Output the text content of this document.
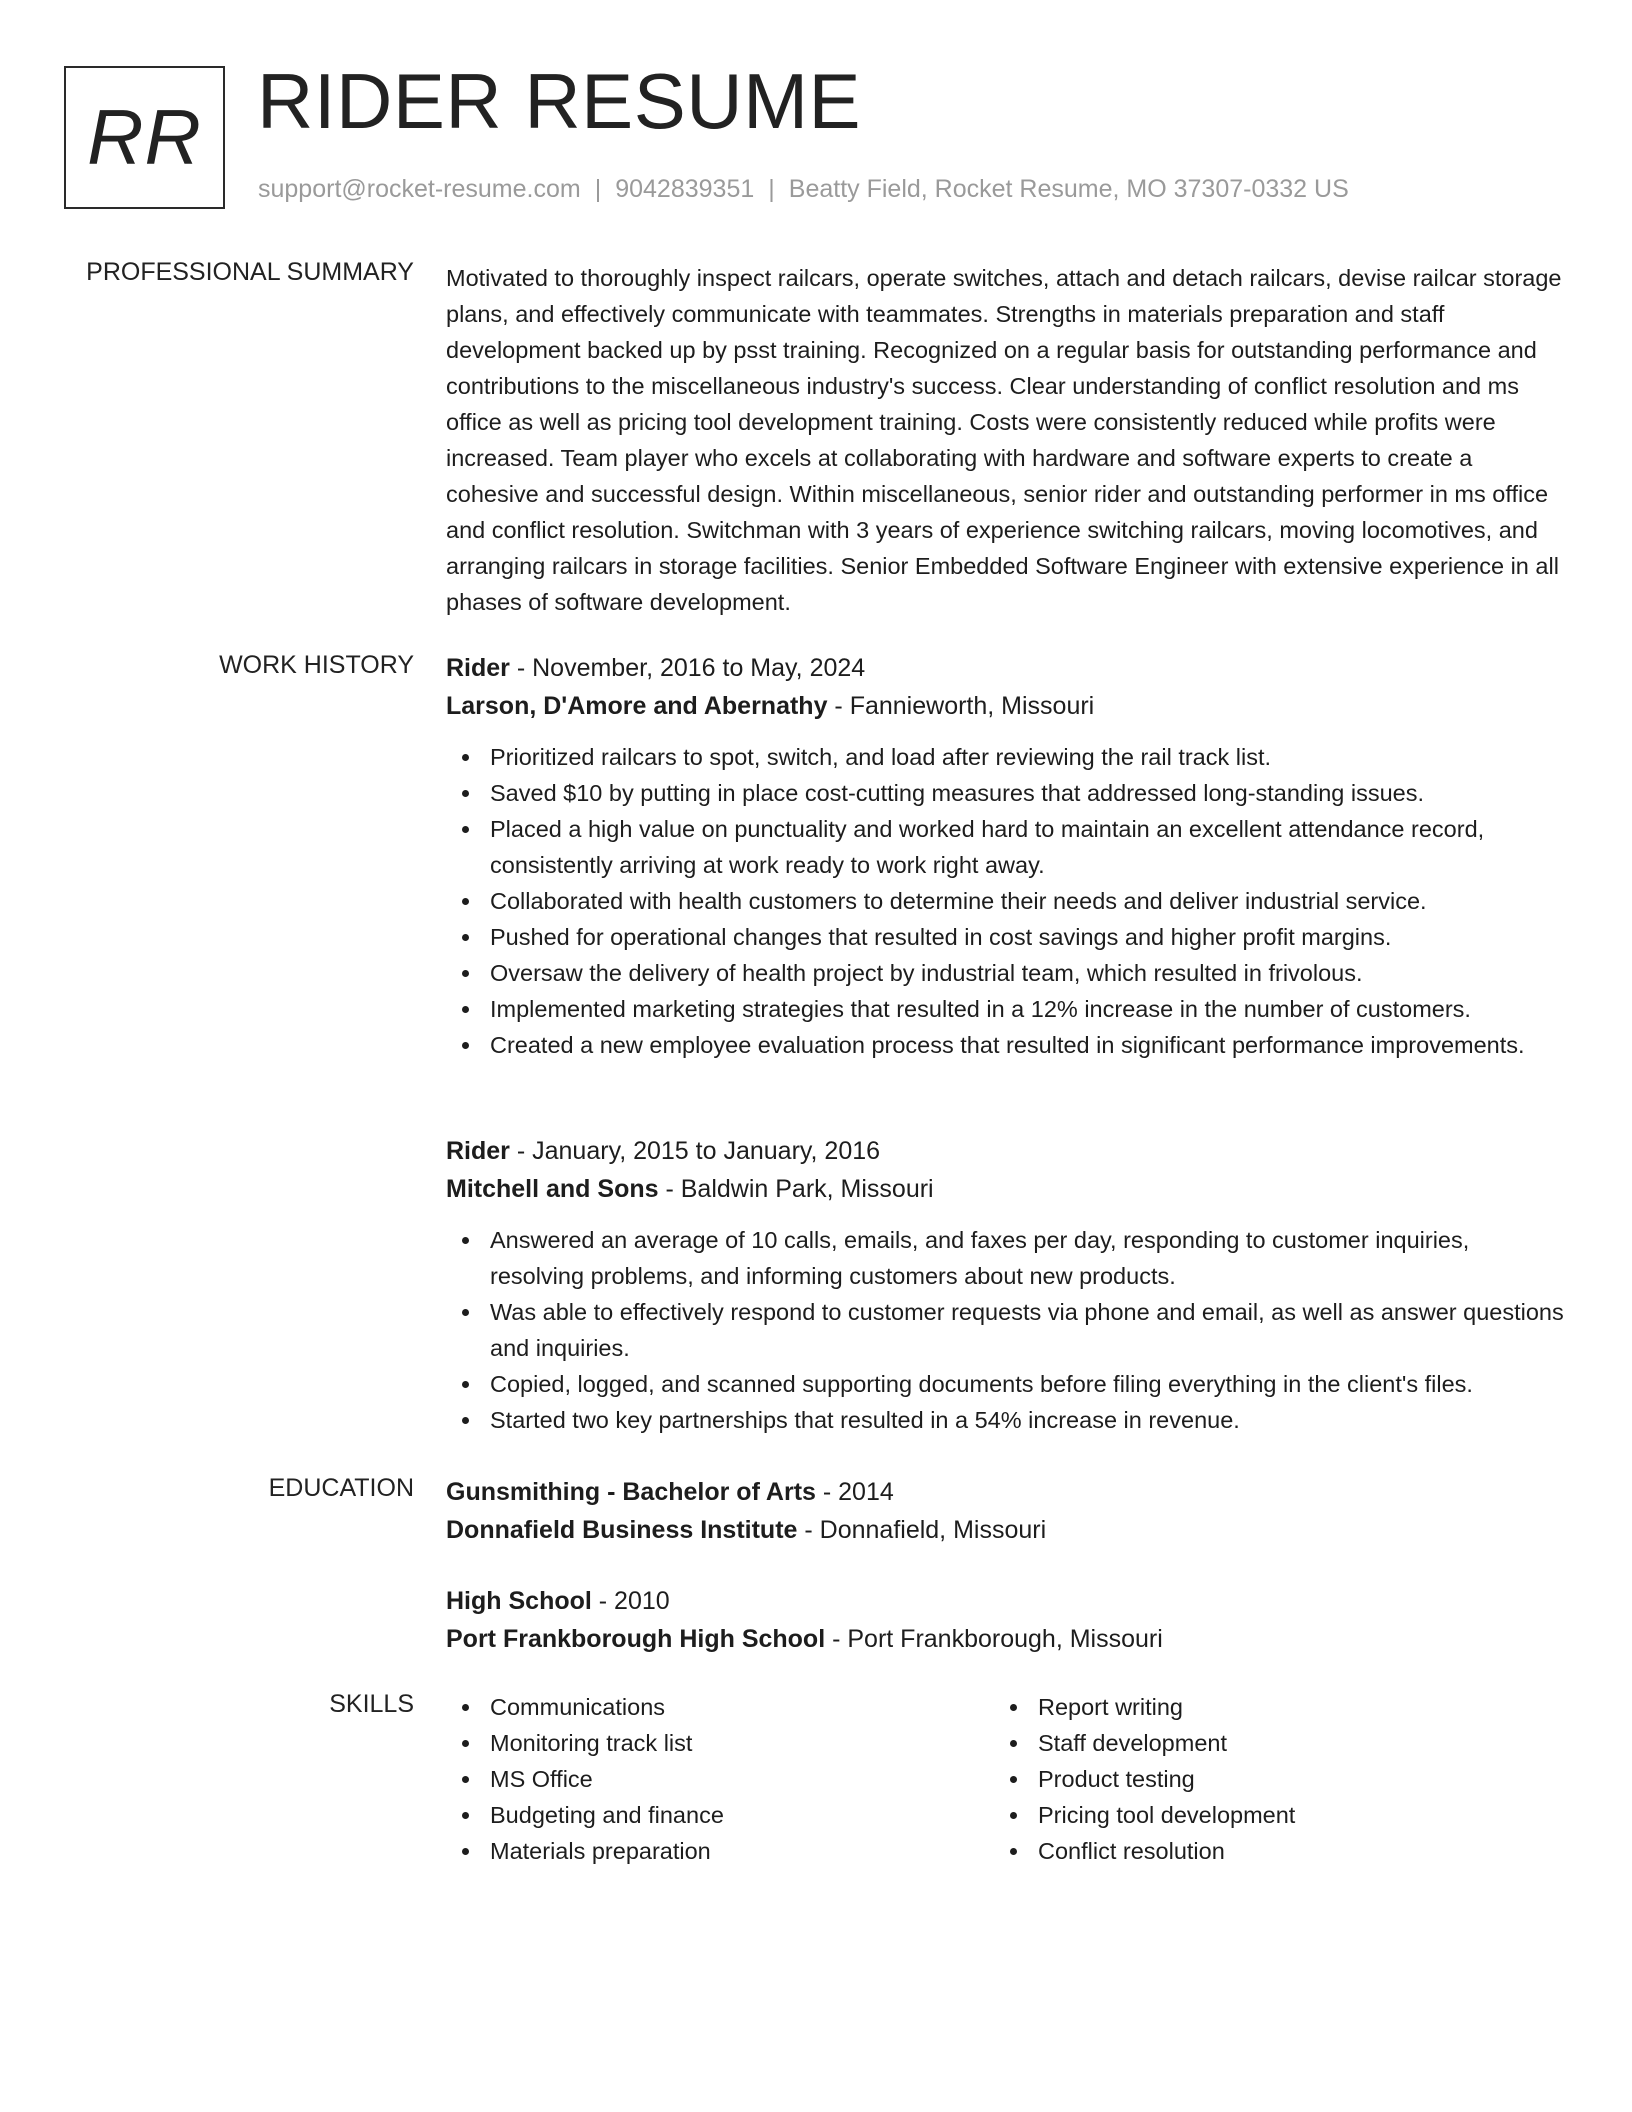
RR RIDER RESUME
support@rocket-resume.com | 9042839351 | Beatty Field, Rocket Resume, MO 37307-0332 US
PROFESSIONAL SUMMARY Motivated to thoroughly inspect railcars, operate switches, attach and detach railcars, devise railcar storage plans, and effectively communicate with teammates. Strengths in materials preparation and staff development backed up by psst training. Recognized on a regular basis for outstanding performance and contributions to the miscellaneous industry's success. Clear understanding of conflict resolution and ms office as well as pricing tool development training. Costs were consistently reduced while profits were increased. Team player who excels at collaborating with hardware and software experts to create a cohesive and successful design. Within miscellaneous, senior rider and outstanding performer in ms office and conflict resolution. Switchman with 3 years of experience switching railcars, moving locomotives, and arranging railcars in storage facilities. Senior Embedded Software Engineer with extensive experience in all phases of software development.

WORK HISTORY Rider - November, 2016 to May, 2024
Larson, D'Amore and Abernathy - Fannieworth, Missouri
Prioritized railcars to spot, switch, and load after reviewing the rail track list.
Saved $10 by putting in place cost-cutting measures that addressed long-standing issues.
Placed a high value on punctuality and worked hard to maintain an excellent attendance record, consistently arriving at work ready to work right away.
Collaborated with health customers to determine their needs and deliver industrial service.
Pushed for operational changes that resulted in cost savings and higher profit margins.
Oversaw the delivery of health project by industrial team, which resulted in frivolous.
Implemented marketing strategies that resulted in a 12% increase in the number of customers.
Created a new employee evaluation process that resulted in significant performance improvements.
Rider - January, 2015 to January, 2016
Mitchell and Sons - Baldwin Park, Missouri
Answered an average of 10 calls, emails, and faxes per day, responding to customer inquiries, resolving problems, and informing customers about new products.
Was able to effectively respond to customer requests via phone and email, as well as answer questions and inquiries.
Copied, logged, and scanned supporting documents before filing everything in the client's files.
Started two key partnerships that resulted in a 54% increase in revenue.
EDUCATION Gunsmithing - Bachelor of Arts - 2014
Donnafield Business Institute - Donnafield, Missouri
High School - 2010
Port Frankborough High School - Port Frankborough, Missouri
SKILLS	Communications
Monitoring track list
MS Office
Budgeting and finance
Materials preparation
Report writing
Staff development
Product testing
Pricing tool development
Conflict resolution
